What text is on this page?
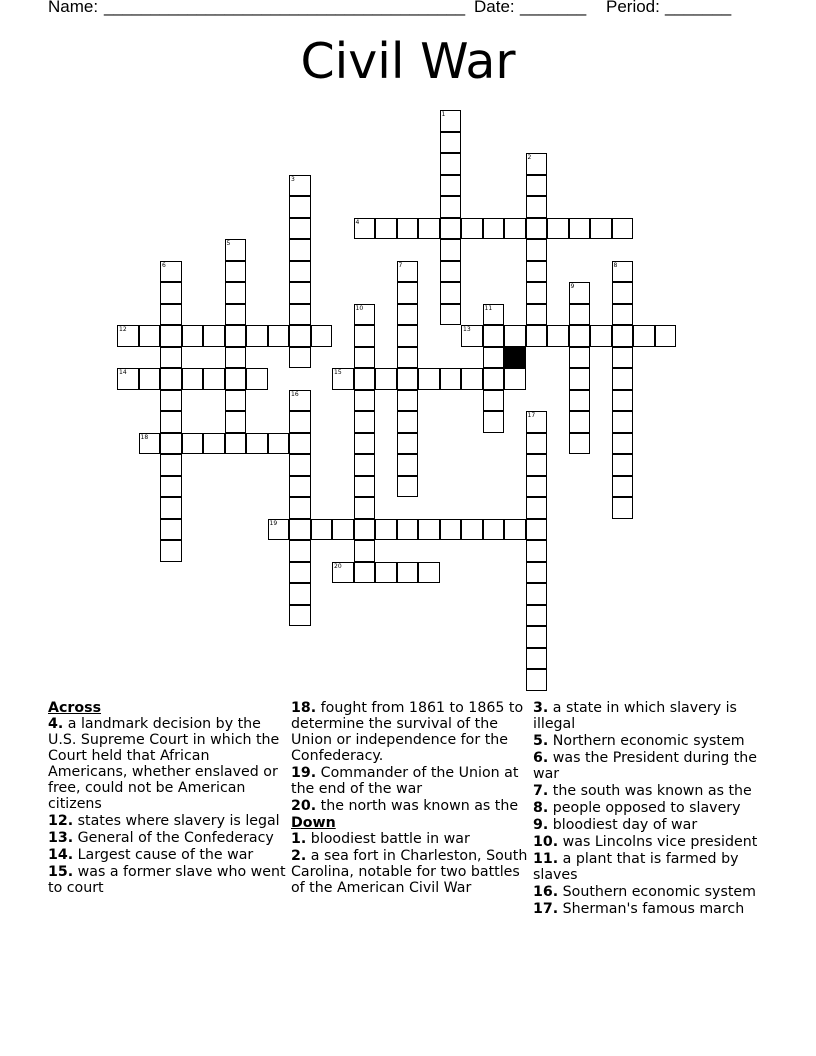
Name: _______________________________________ Date: _______ Period: _______
Civil War
1
2
3
4
5
6	7	8
9
10	11
12	13
14	15
16
17
18
19
20
Across
4. a landmark decision by the U.S. Supreme Court in which the Court held that African Americans, whether enslaved or free, could not be American citizens
12. states where slavery is legal
13. General of the Confederacy
14. Largest cause of the war
15. was a former slave who went to court
18. fought from 1861 to 1865 to determine the survival of the Union or independence for the Confederacy.
19. Commander of the Union at the end of the war
20. the north was known as the
Down
1. bloodiest battle in war
2. a sea fort in Charleston, South Carolina, notable for two battles of the American Civil War
3. a state in which slavery is illegal
5. Northern economic system
6. was the President during the war
7. the south was known as the
8. people opposed to slavery
9. bloodiest day of war
10. was Lincolns vice president
11. a plant that is farmed by slaves
16. Southern economic system
17. Sherman's famous march
